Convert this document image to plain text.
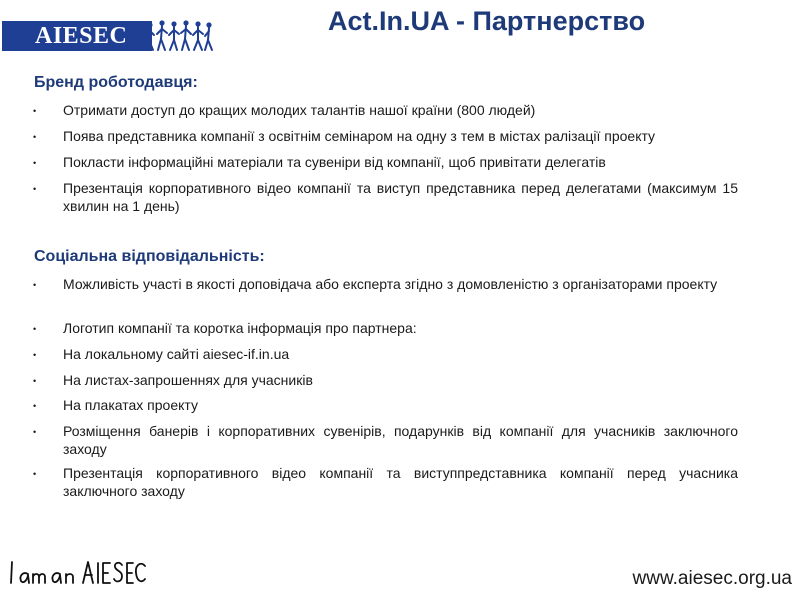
AIESEC	Act.In.UA - Партнерство
Бренд роботодавця:
• Отримати доступ до кращих молодих талантів нашої країни (800 людей)
• Поява представника компанії з освітнім семінаром на одну з тем в містах ралізації проекту
• Покласти інформаційні матеріали та сувеніри від компанії, щоб привітати делегатів
• Презентація корпоративного відео компанії та виступ представника перед делегатами (максимум 15 хвилин на 1 день)
Соціальна відповідальність:
• Можливість участі в якості доповідача або експерта згідно з домовленістю з організаторами проекту
• Логотип компанії та коротка інформація про партнера:
• На локальному сайті aiesec-if.in.ua
• На листах-запрошеннях для учасників
• На плакатах проекту
• Розміщення банерів і корпоративних сувенірів, подарунків від компанії для учасників заключного заходу
• Презентація корпоративного відео компанії та виступпредставника компанії перед учасника заключного заходу
www.aiesec.org.ua
